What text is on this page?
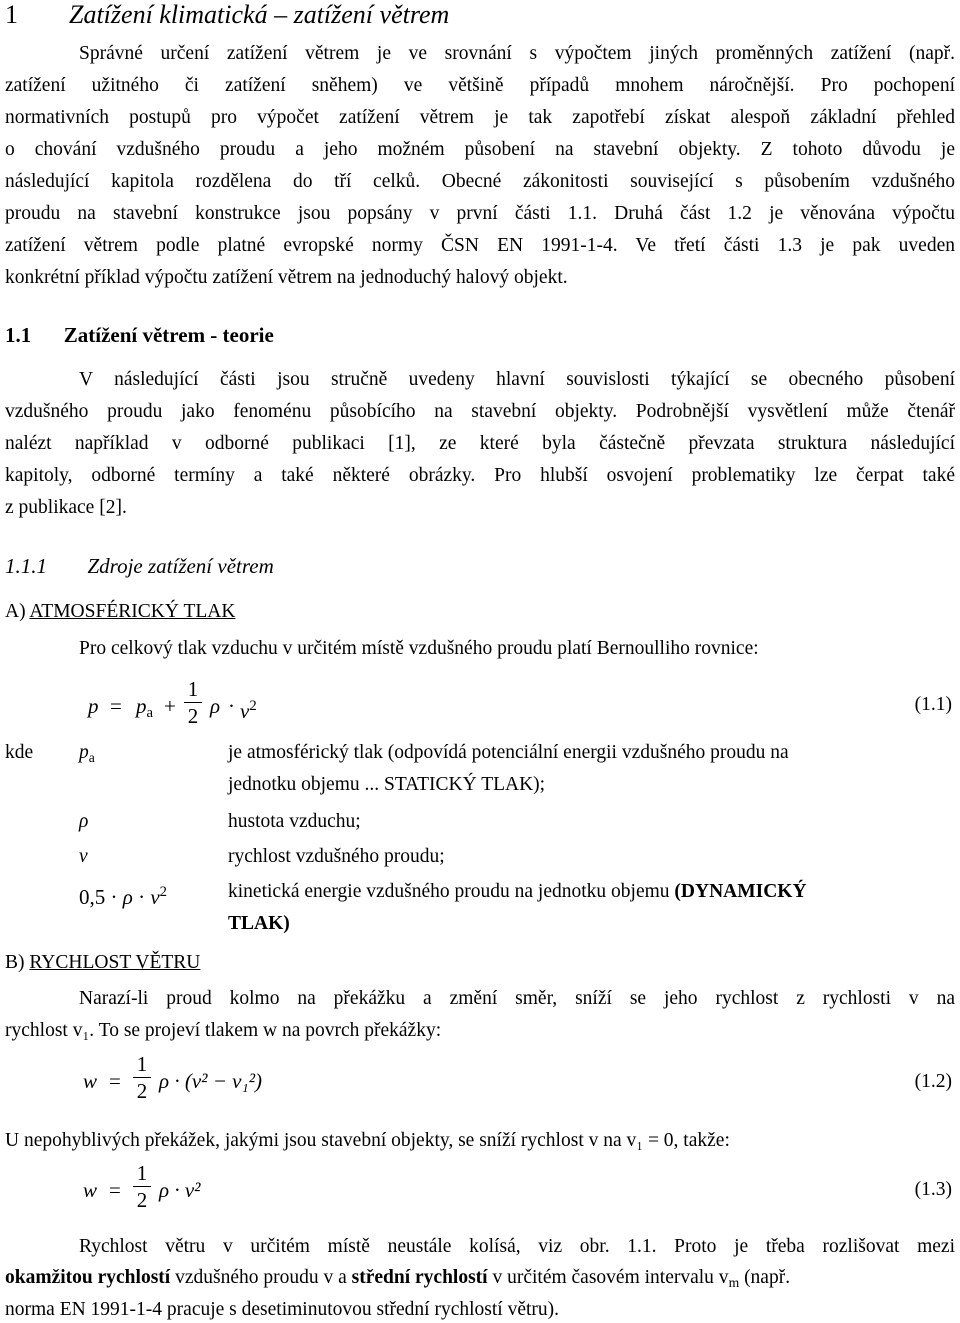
1 Zatížení klimatická – zatížení větrem
Správné určení zatížení větrem je ve srovnání s výpočtem jiných proměnných zatížení (např.
zatížení užitného či zatížení sněhem) ve většině případů mnohem náročnější. Pro pochopení
normativních postupů pro výpočet zatížení větrem je tak zapotřebí získat alespoň základní přehled
o chování vzdušného proudu a jeho možném působení na stavební objekty. Z tohoto důvodu je
následující kapitola rozdělena do tří celků. Obecné zákonitosti související s působením vzdušného
proudu na stavební konstrukce jsou popsány v první části 1.1. Druhá část 1.2 je věnována výpočtu
zatížení větrem podle platné evropské normy ČSN EN 1991-1-4. Ve třetí části 1.3 je pak uveden
konkrétní příklad výpočtu zatížení větrem na jednoduchý halový objekt.
1.1 Zatížení větrem - teorie
V následující části jsou stručně uvedeny hlavní souvislosti týkající se obecného působení
vzdušného proudu jako fenoménu působícího na stavební objekty. Podrobnější vysvětlení může čtenář
nalézt například v odborné publikaci [1], ze které byla částečně převzata struktura následující
kapitoly, odborné termíny a také některé obrázky. Pro hlubší osvojení problematiky lze čerpat také
z publikace [2].
1.1.1 Zdroje zatížení větrem
A) ATMOSFÉRICKÝ TLAK
Pro celkový tlak vzduchu v určitém místě vzdušného proudu platí Bernoulliho rovnice:
$p = p_a$ +
1
2 $\rho \cdot v^2$	(1.1)
kde $p_a$	je atmosférický tlak (odpovídá potenciální energii vzdušného proudu na
jednotku objemu ... STATICKÝ TLAK);
ρ	hustota vzduchu;
v	rychlost vzdušného proudu;
$0,5 \cdot \rho \cdot v^2$	kinetická energie vzdušného proudu na jednotku objemu (DYNAMICKÝ
TLAK)
B) RYCHLOST VĚTRU
Narazí-li proud kolmo na překážku a změní směr, sníží se jeho rychlost z rychlosti v na
rychlost v₁. To se projeví tlakem w na povrch překážky:
w =
1
2 ρ · (v² − v₁²)	(1.2)
U nepohyblivých překážek, jakými jsou stavební objekty, se sníží rychlost v na v₁ = 0, takže:
w =
1
2 ρ · v²	(1.3)
Rychlost větru v určitém místě neustále kolísá, viz obr. 1.1. Proto je třeba rozlišovat mezi
okamžitou rychlostí vzdušného proudu v a střední rychlostí v určitém časovém intervalu $v_m$ (např.
norma EN 1991-1-4 pracuje s desetiminutovou střední rychlostí větru).
